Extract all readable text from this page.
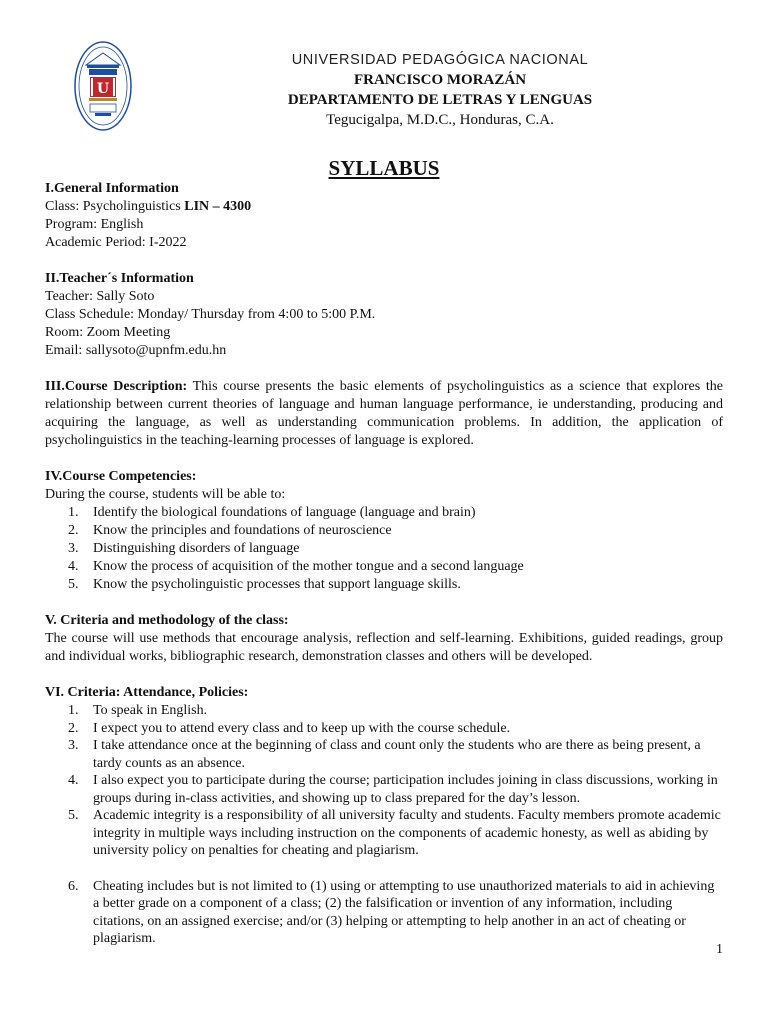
U
UNIVERSIDAD PEDAGÓGICA NACIONAL
FRANCISCO MORAZÁN
DEPARTAMENTO DE LETRAS Y LENGUAS
Tegucigalpa, M.D.C., Honduras, C.A.
SYLLABUS
I.General Information
Class: Psycholinguistics LIN – 4300
Program: English
Academic Period: I-2022
II.Teacher´s Information
Teacher: Sally Soto
Class Schedule: Monday/ Thursday from 4:00 to 5:00 P.M.
Room: Zoom Meeting
Email: sallysoto@upnfm.edu.hn

III.Course Description: This course presents the basic elements of psycholinguistics as a science that explores the relationship between current theories of language and human language performance, ie understanding, producing and acquiring the language, as well as understanding communication problems. In addition, the application of psycholinguistics in the teaching-learning processes of language is explored.

IV.Course Competencies:
During the course, students will be able to:
1. Identify the biological foundations of language (language and brain)
2. Know the principles and foundations of neuroscience
3. Distinguishing disorders of language
4. Know the process of acquisition of the mother tongue and a second language
5. Know the psycholinguistic processes that support language skills.
V. Criteria and methodology of the class:

The course will use methods that encourage analysis, reflection and self-learning. Exhibitions, guided readings, group and individual works, bibliographic research, demonstration classes and others will be developed.

VI. Criteria: Attendance, Policies:
1. To speak in English.
2. I expect you to attend every class and to keep up with the course schedule.
3. I take attendance once at the beginning of class and count only the students who are there as being present, a tardy counts as an absence.
4. I also expect you to participate during the course; participation includes joining in class discussions, working in groups during in-class activities, and showing up to class prepared for the day’s lesson.
5. Academic integrity is a responsibility of all university faculty and students. Faculty members promote academic integrity in multiple ways including instruction on the components of academic honesty, as well as abiding by university policy on penalties for cheating and plagiarism.
6. Cheating includes but is not limited to (1) using or attempting to use unauthorized materials to aid in achieving a better grade on a component of a class; (2) the falsification or invention of any information, including citations, on an assigned exercise; and/or (3) helping or attempting to help another in an act of cheating or plagiarism.
1
